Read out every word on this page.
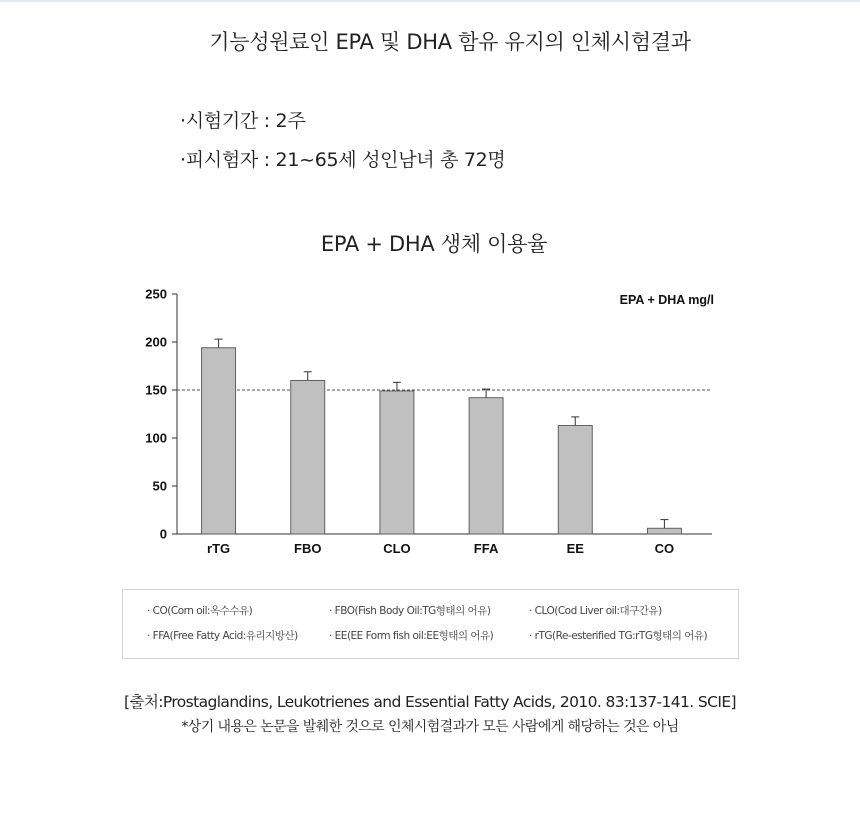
기능성원료인 EPA 및 DHA 함유 유지의 인체시험결과
·시험기간 : 2주
·피시험자 : 21~65세 성인남녀 총 72명
EPA + DHA 생체 이용율
0
50
100
150
200
250
rTG	FBO	CLO	FFA	EE	CO
EPA + DHA mg/l
· CO(Corn oil:옥수수유)	· FBO(Fish Body Oil:TG형태의 어유)	· CLO(Cod Liver oil:대구간유)
· FFA(Free Fatty Acid:유리지방산)	· EE(EE Form fish oil:EE형태의 어유)	· rTG(Re-esterified TG:rTG형태의 어유)
[출처:Prostaglandins, Leukotrienes and Essential Fatty Acids, 2010. 83:137-141. SCIE]
*상기 내용은 논문을 발췌한 것으로 인체시험결과가 모든 사람에게 해당하는 것은 아님
